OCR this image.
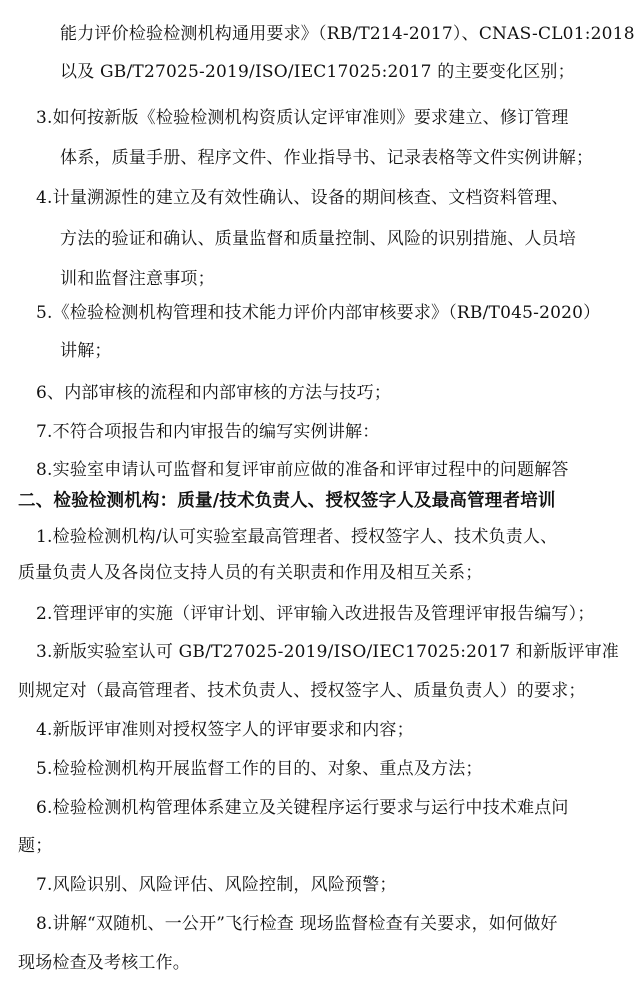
能力评价检验检测机构通用要求》（RB/T214-2017）、CNAS-CL01:2018
以及 GB/T27025-2019/ISO/IEC17025:2017 的主要变化区别；
3.如何按新版《检验检测机构资质认定评审准则》要求建立、修订管理
体系，质量手册、程序文件、作业指导书、记录表格等文件实例讲解；
4.计量溯源性的建立及有效性确认、设备的期间核查、文档资料管理、
方法的验证和确认、质量监督和质量控制、风险的识别措施、人员培
训和监督注意事项；
5.《检验检测机构管理和技术能力评价内部审核要求》（RB/T045-2020）
讲解；
6、内部审核的流程和内部审核的方法与技巧；
7.不符合项报告和内审报告的编写实例讲解：
8.实验室申请认可监督和复评审前应做的准备和评审过程中的问题解答
二、检验检测机构：质量/技术负责人、授权签字人及最高管理者培训
1.检验检测机构/认可实验室最高管理者、授权签字人、技术负责人、
质量负责人及各岗位支持人员的有关职责和作用及相互关系；
2.管理评审的实施（评审计划、评审输入改进报告及管理评审报告编写）；
3.新版实验室认可 GB/T27025-2019/ISO/IEC17025:2017 和新版评审准
则规定对（最高管理者、技术负责人、授权签字人、质量负责人）的要求；
4.新版评审准则对授权签字人的评审要求和内容；
5.检验检测机构开展监督工作的目的、对象、重点及方法；
6.检验检测机构管理体系建立及关键程序运行要求与运行中技术难点问
题；
7.风险识别、风险评估、风险控制，风险预警；
8.讲解“双随机、一公开”飞行检查 现场监督检查有关要求，如何做好
现场检查及考核工作。
